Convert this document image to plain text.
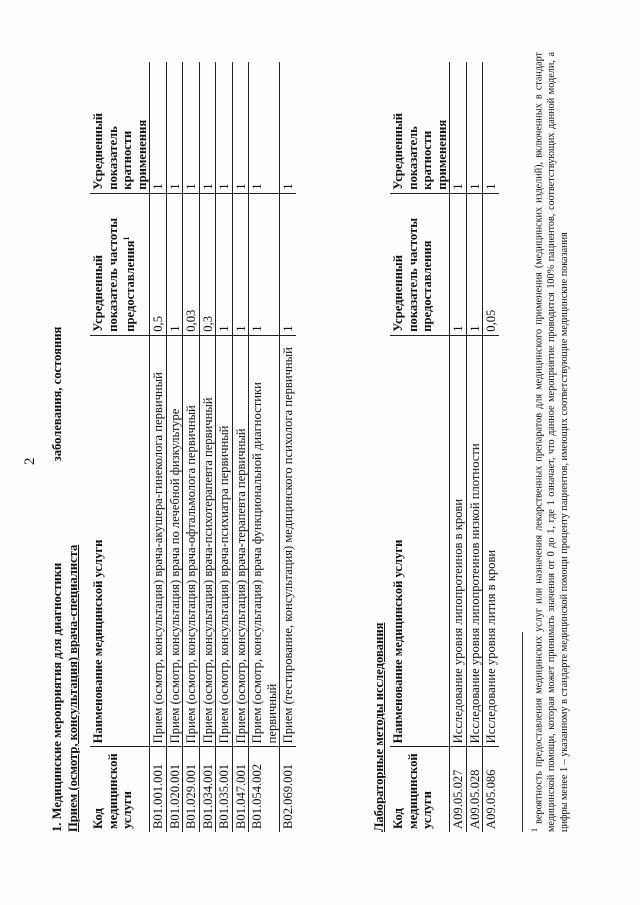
2
1. Медицинские мероприятия для диагностики  заболевания, состояния
Прием (осмотр, консультация) врача-специалиста Код медицинской услуги	Наименование медицинской услуги	Усредненный показатель частоты предоставления$^1$	Усредненный показатель кратности применения
B01.001.001	Прием (осмотр, консультация) врача-акушера-гинеколога первичный	0,5	1
B01.020.001	Прием (осмотр, консультация) врача по лечебной физкультуре	1	1
B01.029.001	Прием (осмотр, консультация) врача-офтальмолога первичный	0,03	1
B01.034.001	Прием (осмотр, консультация) врача-психотерапевта первичный	0,3	1
B01.035.001	Прием (осмотр, консультация) врача-психиатра первичный	1	1
B01.047.001	Прием (осмотр, консультация) врача-терапевта первичный	1	1
B01.054.002	Прием (осмотр, консультация) врача функциональной диагностики первичный	1	1
B02.069.001	Прием (тестирование, консультация) медицинского психолога первичный	1	1
Лабораторные методы исследования Код медицинской услуги	Наименование медицинской услуги	Усредненный показатель частоты предоставления	Усредненный показатель кратности применения
A09.05.027	Исследование уровня липопротеинов в крови	1	1
A09.05.028	Исследование уровня липопротеинов низкой плотности	1	1
A09.05.086	Исследование уровня лития в крови	0,05	1
$^1$ вероятность предоставления медицинских услуг или назначения лекарственных препаратов для медицинского применения (медицинских изделий), включенных в стандарт медицинской помощи, которая может принимать значения от 0 до 1, где 1 означает, что данное мероприятие проводится 100% пациентов, соответствующих данной модели, а цифры менее 1 – указанному в стандарте медицинской помощи проценту пациентов, имеющих соответствующие медицинские показания
